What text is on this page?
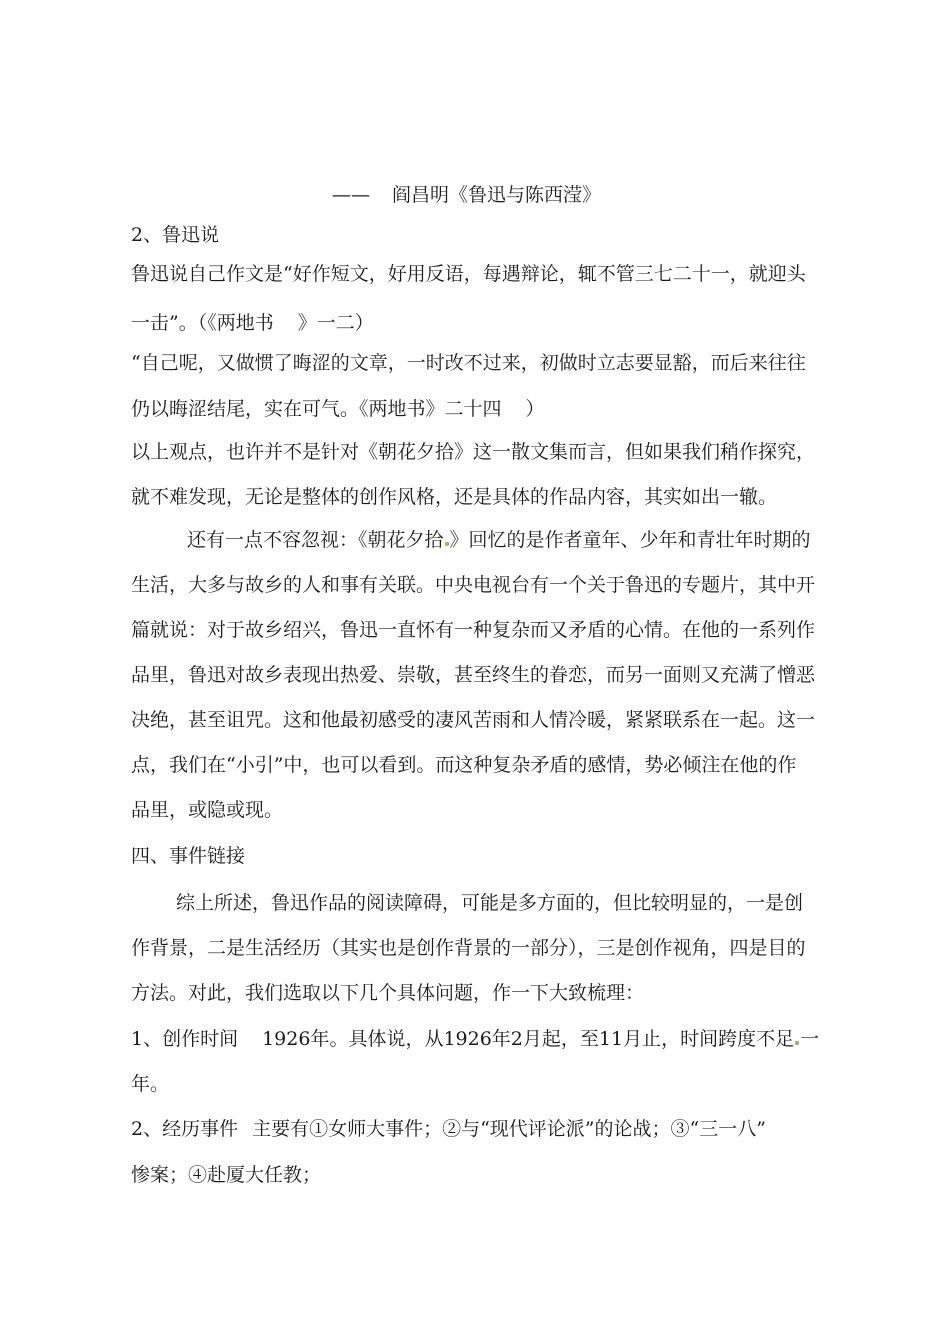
—— 阎昌明《鲁迅与陈西滢》
2、鲁迅说
鲁迅说自己作文是“好作短文，好用反语，每遇辩论，辄不管三七二十一，就迎头
一击”。（《两地书 》一二）
“自己呢，又做惯了晦涩的文章，一时改不过来，初做时立志要显豁，而后来往往
仍以晦涩结尾，实在可气。《两地书》二十四 ）
以上观点，也许并不是针对《朝花夕拾》这一散文集而言，但如果我们稍作探究，
就不难发现，无论是整体的创作风格，还是具体的作品内容，其实如出一辙。
还有一点不容忽视：《朝花夕拾 》回忆的是作者童年、少年和青壮年时期的
生活，大多与故乡的人和事有关联。中央电视台有一个关于鲁迅的专题片，其中开
篇就说：对于故乡绍兴，鲁迅一直怀有一种复杂而又矛盾的心情。在他的一系列作
品里，鲁迅对故乡表现出热爱、崇敬，甚至终生的眷恋，而另一面则又充满了憎恶
决绝，甚至诅咒。这和他最初感受的凄风苦雨和人情冷暖，紧紧联系在一起。这一
点，我们在“小引”中，也可以看到。而这种复杂矛盾的感情，势必倾注在他的作
品里，或隐或现。
四、事件链接
综上所述，鲁迅作品的阅读障碍，可能是多方面的，但比较明显的，一是创
作背景，二是生活经历（其实也是创作背景的一部分），三是创作视角，四是目的
方法。对此，我们选取以下几个具体问题，作一下大致梳理：
1、创作时间 1926年。具体说，从1926年2月起，至11月止，时间跨度不足 一
年。
2、经历事件 主要有①女师大事件；②与“现代评论派”的论战；③“三一八”
惨案；④赴厦大任教；
